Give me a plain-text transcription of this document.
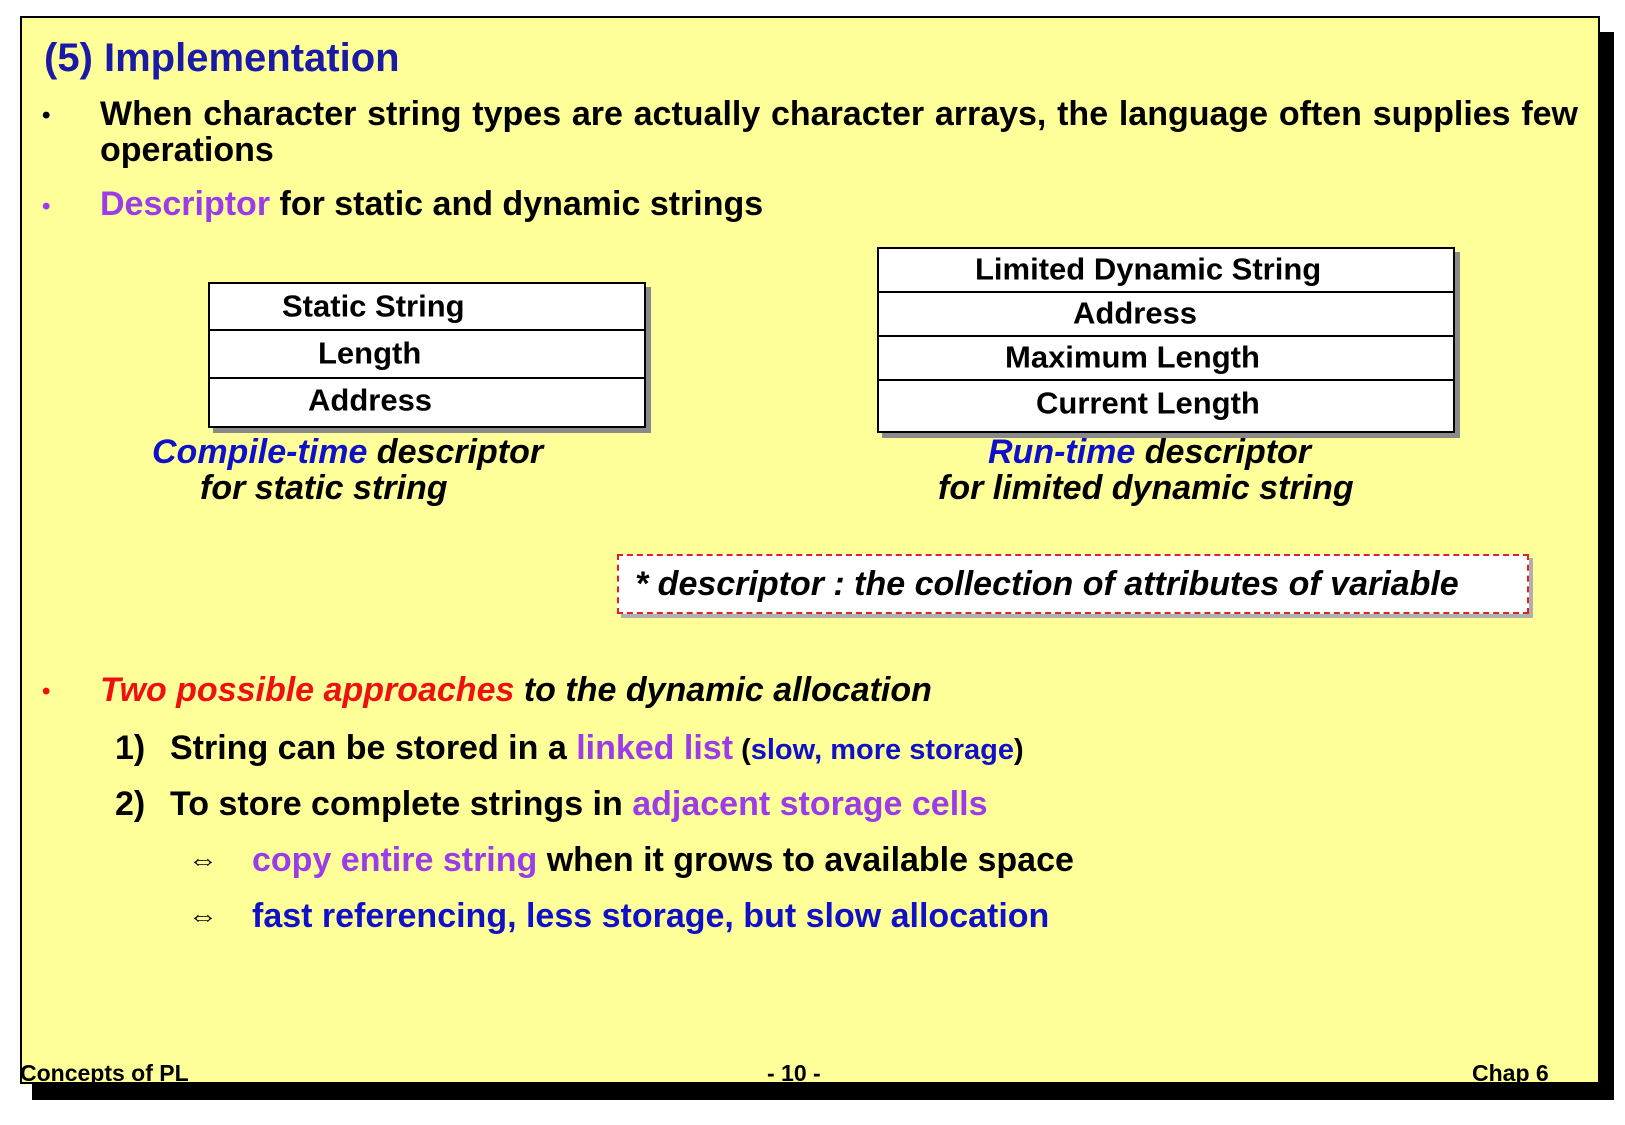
(5) Implementation
• When character string types are actually character arrays, the language often supplies few operations
• Descriptor for static and dynamic strings
Static String
Length
Address
Compile-time descriptor
for static string
Limited Dynamic String
Address
Maximum Length
Current Length
Run-time descriptor
for limited dynamic string
* descriptor : the collection of attributes of variable
• Two possible approaches to the dynamic allocation
1) String can be stored in a linked list (slow, more storage)
2) To store complete strings in adjacent storage cells
⇔ copy entire string when it grows to available space
⇔ fast referencing, less storage, but slow allocation
Concepts of PL	- 10 -	Chap 6
